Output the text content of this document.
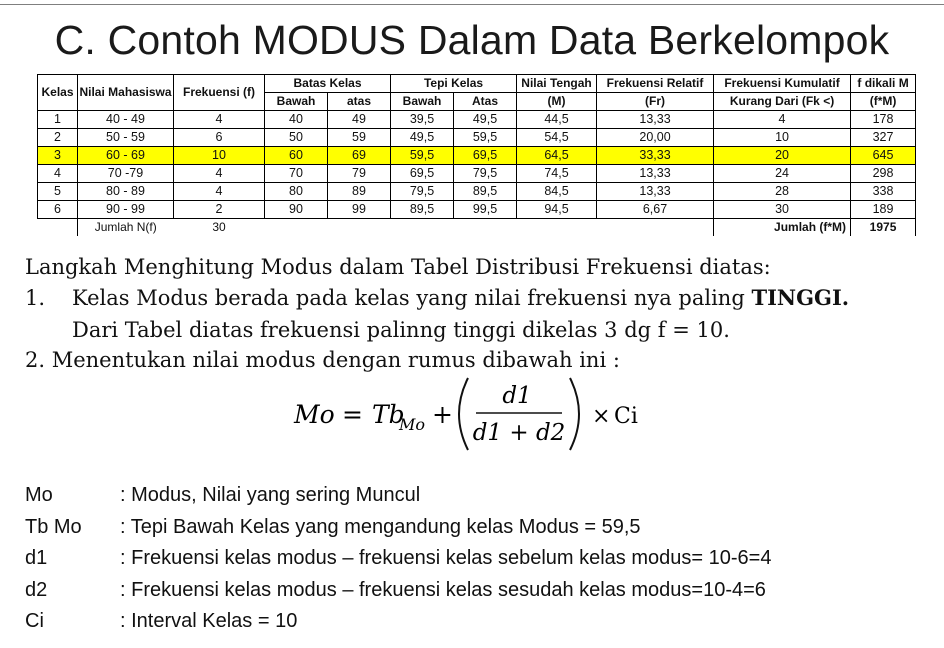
C. Contoh MODUS Dalam Data Berkelompok
Kelas	Nilai Mahasiswa	Frekuensi (f)	Batas Kelas		Tepi Kelas		Nilai Tengah	Frekuensi Relatif	Frekuensi Kumulatif	f dikali M
			Bawah	atas	Bawah	Atas	(M)	(Fr)	Kurang Dari (Fk <)	(f*M)
1	40 - 49	4	40	49	39,5	49,5	44,5	13,33	4	178
2	50 - 59	6	50	59	49,5	59,5	54,5	20,00	10	327
3	60 - 69	10	60	69	59,5	69,5	64,5	33,33	20	645
4	70 -79	4	70	79	69,5	79,5	74,5	13,33	24	298
5	80 - 89	4	80	89	79,5	89,5	84,5	13,33	28	338
6	90 - 99	2	90	99	89,5	99,5	94,5	6,67	30	189
	Jumlah N(f)	30							Jumlah (f*M)	1975
Langkah Menghitung Modus dalam Tabel Distribusi Frekuensi diatas:
1. Kelas Modus berada pada kelas yang nilai frekuensi nya paling TINGGI.
Dari Tabel diatas frekuensi palinng tinggi dikelas 3 dg f = 10.
2. Menentukan nilai modus dengan rumus dibawah ini :
Mo = Tb
Mo +
d1
d1 + d2
× Ci
Mo	: Modus, Nilai yang sering Muncul
Tb Mo : Tepi Bawah Kelas yang mengandung kelas Modus = 59,5
d1	: Frekuensi kelas modus – frekuensi kelas sebelum kelas modus= 10-6=4
d2	: Frekuensi kelas modus – frekuensi kelas sesudah kelas modus=10-4=6
Ci	: Interval Kelas = 10
